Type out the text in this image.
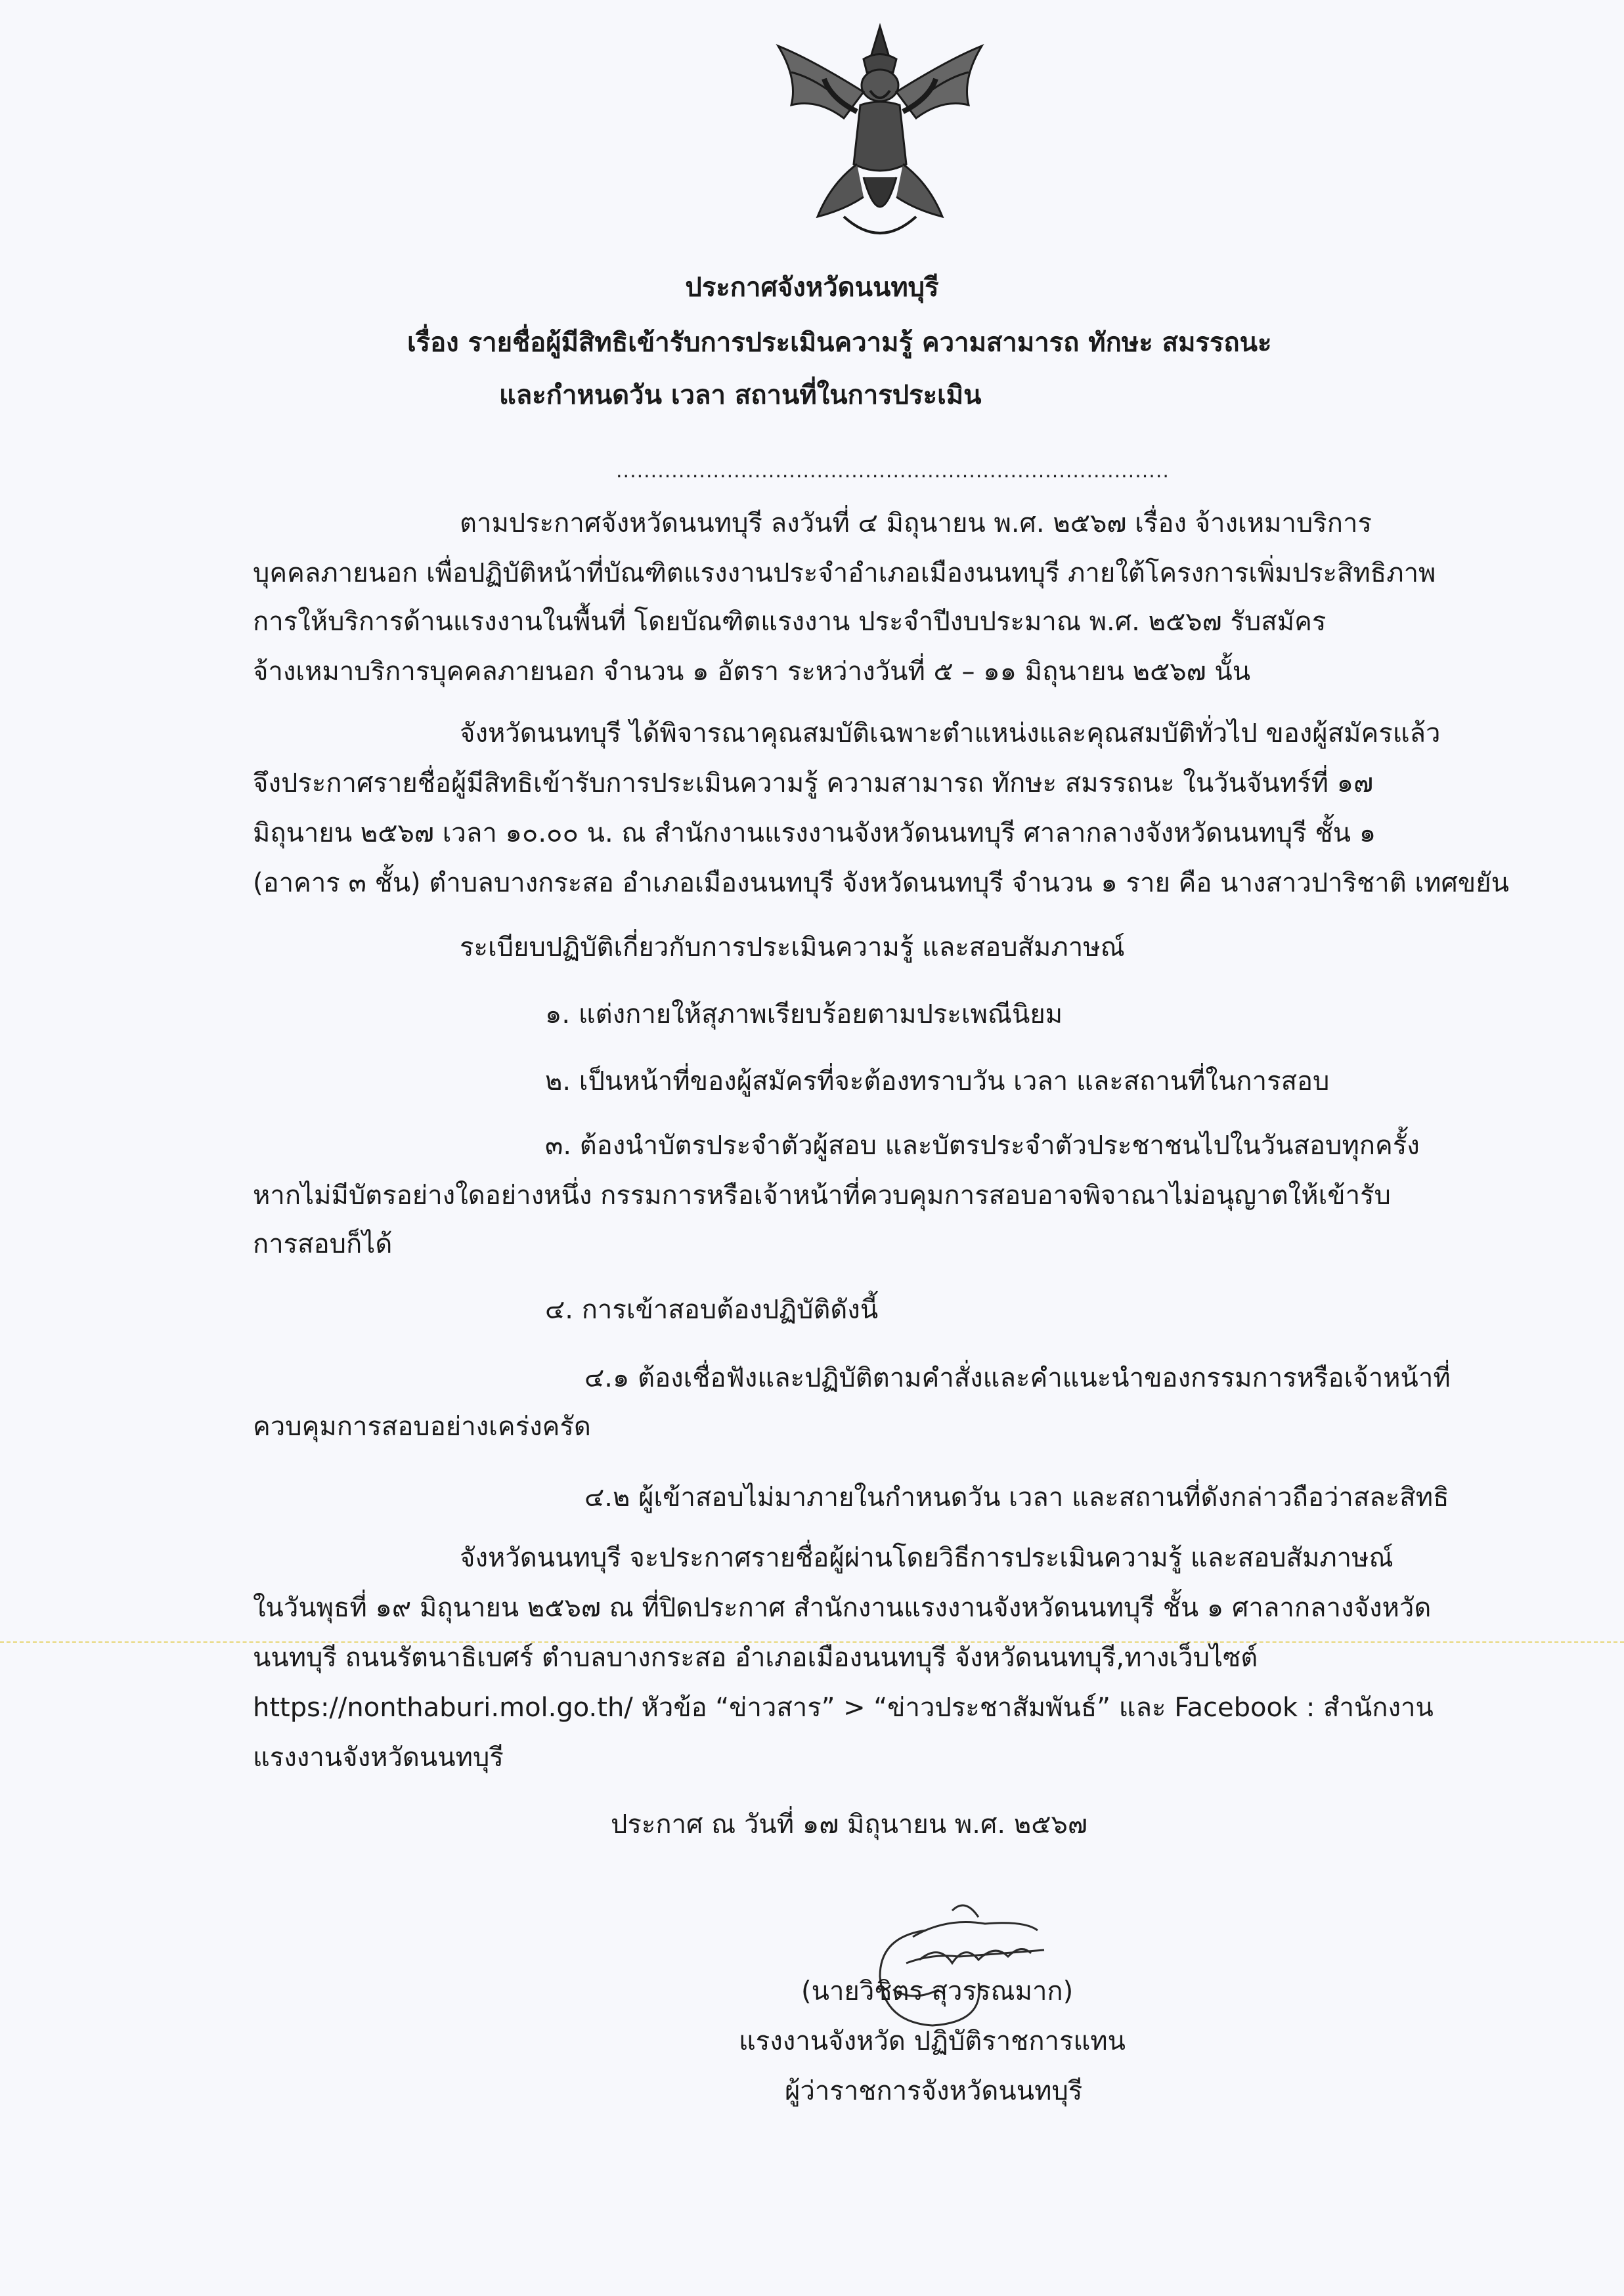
ประกาศจังหวัดนนทบุรี
เรื่อง รายชื่อผู้มีสิทธิเข้ารับการประเมินความรู้ ความสามารถ ทักษะ สมรรถนะ
และกำหนดวัน เวลา สถานที่ในการประเมิน
................................................................................
ตามประกาศจังหวัดนนทบุรี ลงวันที่ ๔ มิถุนายน พ.ศ. ๒๕๖๗ เรื่อง จ้างเหมาบริการ
บุคคลภายนอก เพื่อปฏิบัติหน้าที่บัณฑิตแรงงานประจำอำเภอเมืองนนทบุรี ภายใต้โครงการเพิ่มประสิทธิภาพ
การให้บริการด้านแรงงานในพื้นที่ โดยบัณฑิตแรงงาน ประจำปีงบประมาณ พ.ศ. ๒๕๖๗ รับสมัคร
จ้างเหมาบริการบุคคลภายนอก จำนวน ๑ อัตรา ระหว่างวันที่ ๕ – ๑๑ มิถุนายน ๒๕๖๗ นั้น
จังหวัดนนทบุรี ได้พิจารณาคุณสมบัติเฉพาะตำแหน่งและคุณสมบัติทั่วไป ของผู้สมัครแล้ว
จึงประกาศรายชื่อผู้มีสิทธิเข้ารับการประเมินความรู้ ความสามารถ ทักษะ สมรรถนะ ในวันจันทร์ที่ ๑๗
มิถุนายน ๒๕๖๗ เวลา ๑๐.๐๐ น. ณ สำนักงานแรงงานจังหวัดนนทบุรี ศาลากลางจังหวัดนนทบุรี ชั้น ๑
(อาคาร ๓ ชั้น) ตำบลบางกระสอ อำเภอเมืองนนทบุรี จังหวัดนนทบุรี จำนวน ๑ ราย คือ นางสาวปาริชาติ เทศขยัน
ระเบียบปฏิบัติเกี่ยวกับการประเมินความรู้ และสอบสัมภาษณ์
๑. แต่งกายให้สุภาพเรียบร้อยตามประเพณีนิยม
๒. เป็นหน้าที่ของผู้สมัครที่จะต้องทราบวัน เวลา และสถานที่ในการสอบ
๓. ต้องนำบัตรประจำตัวผู้สอบ และบัตรประจำตัวประชาชนไปในวันสอบทุกครั้ง
หากไม่มีบัตรอย่างใดอย่างหนึ่ง กรรมการหรือเจ้าหน้าที่ควบคุมการสอบอาจพิจาณาไม่อนุญาตให้เข้ารับ
การสอบก็ได้
๔. การเข้าสอบต้องปฏิบัติดังนี้
๔.๑ ต้องเชื่อฟังและปฏิบัติตามคำสั่งและคำแนะนำของกรรมการหรือเจ้าหน้าที่
ควบคุมการสอบอย่างเคร่งครัด
๔.๒ ผู้เข้าสอบไม่มาภายในกำหนดวัน เวลา และสถานที่ดังกล่าวถือว่าสละสิทธิ
จังหวัดนนทบุรี จะประกาศรายชื่อผู้ผ่านโดยวิธีการประเมินความรู้ และสอบสัมภาษณ์
ในวันพุธที่ ๑๙ มิถุนายน ๒๕๖๗ ณ ที่ปิดประกาศ สำนักงานแรงงานจังหวัดนนทบุรี ชั้น ๑ ศาลากลางจังหวัด
นนทบุรี ถนนรัตนาธิเบศร์ ตำบลบางกระสอ อำเภอเมืองนนทบุรี จังหวัดนนทบุรี,ทางเว็บไซต์
https://nonthaburi.mol.go.th/ หัวข้อ “ข่าวสาร” > “ข่าวประชาสัมพันธ์” และ Facebook : สำนักงาน
แรงงานจังหวัดนนทบุรี
ประกาศ ณ วันที่ ๑๗ มิถุนายน พ.ศ. ๒๕๖๗
(นายวิชิตร สุวรรณมาก)
แรงงานจังหวัด ปฏิบัติราชการแทน
ผู้ว่าราชการจังหวัดนนทบุรี
